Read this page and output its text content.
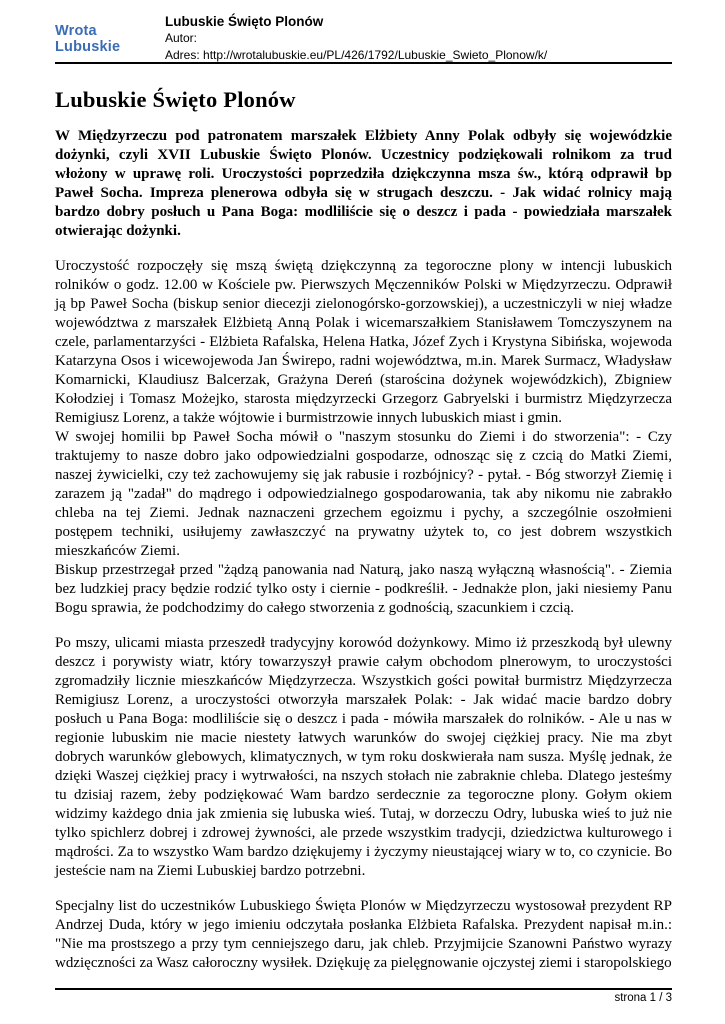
Wrota Lubuskie
Lubuskie Święto Plonów
Autor:
Adres: http://wrotalubuskie.eu/PL/426/1792/Lubuskie_Swieto_Plonow/k/
Lubuskie Święto Plonów

W Międzyrzeczu pod patronatem marszałek Elżbiety Anny Polak odbyły się wojewódzkie dożynki, czyli XVII Lubuskie Święto Plonów. Uczestnicy podziękowali rolnikom za trud włożony w uprawę roli. Uroczystości poprzedziła dziękczynna msza św., którą odprawił bp Paweł Socha. Impreza plenerowa odbyła się w strugach deszczu. - Jak widać rolnicy mają bardzo dobry posłuch u Pana Boga: modliliście się o deszcz i pada - powiedziała marszałek otwierając dożynki.

Uroczystość rozpoczęły się mszą świętą dziękczynną za tegoroczne plony w intencji lubuskich rolników o godz. 12.00 w Kościele pw. Pierwszych Męczenników Polski w Międzyrzeczu. Odprawił ją bp Paweł Socha (biskup senior diecezji zielonogórsko-gorzowskiej), a uczestniczyli w niej władze województwa z marszałek Elżbietą Anną Polak i wicemarszałkiem Stanisławem Tomczyszynem na czele, parlamentarzyści - Elżbieta Rafalska, Helena Hatka, Józef Zych i Krystyna Sibińska, wojewoda Katarzyna Osos i wicewojewoda Jan Świrepo, radni województwa, m.in. Marek Surmacz, Władysław Komarnicki, Klaudiusz Balcerzak, Grażyna Dereń (starościna dożynek wojewódzkich), Zbigniew Kołodziej i Tomasz Możejko, starosta międzyrzecki Grzegorz Gabryelski i burmistrz Międzyrzecza Remigiusz Lorenz, a także wójtowie i burmistrzowie innych lubuskich miast i gmin.

W swojej homilii bp Paweł Socha mówił o "naszym stosunku do Ziemi i do stworzenia": - Czy traktujemy to nasze dobro jako odpowiedzialni gospodarze, odnosząc się z czcią do Matki Ziemi, naszej żywicielki, czy też zachowujemy się jak rabusie i rozbójnicy? - pytał. - Bóg stworzył Ziemię i zarazem ją "zadał" do mądrego i odpowiedzialnego gospodarowania, tak aby nikomu nie zabrakło chleba na tej Ziemi. Jednak naznaczeni grzechem egoizmu i pychy, a szczególnie oszołmieni postępem techniki, usiłujemy zawłaszczyć na prywatny użytek to, co jest dobrem wszystkich mieszkańców Ziemi.

Biskup przestrzegał przed "żądzą panowania nad Naturą, jako naszą wyłączną własnością". - Ziemia bez ludzkiej pracy będzie rodzić tylko osty i ciernie - podkreślił. - Jednakże plon, jaki niesiemy Panu Bogu sprawia, że podchodzimy do całego stworzenia z godnością, szacunkiem i czcią.

Po mszy, ulicami miasta przeszedł tradycyjny korowód dożynkowy. Mimo iż przeszkodą był ulewny deszcz i porywisty wiatr, który towarzyszył prawie całym obchodom plnerowym, to uroczystości zgromadziły licznie mieszkańców Międzyrzecza. Wszystkich gości powitał burmistrz Międzyrzecza Remigiusz Lorenz, a uroczystości otworzyła marszałek Polak: - Jak widać macie bardzo dobry posłuch u Pana Boga: modliliście się o deszcz i pada - mówiła marszałek do rolników. - Ale u nas w regionie lubuskim nie macie niestety łatwych warunków do swojej ciężkiej pracy. Nie ma zbyt dobrych warunków glebowych, klimatycznych, w tym roku doskwierała nam susza. Myślę jednak, że dzięki Waszej ciężkiej pracy i wytrwałości, na nszych stołach nie zabraknie chleba. Dlatego jesteśmy tu dzisiaj razem, żeby podziękować Wam bardzo serdecznie za tegoroczne plony. Gołym okiem widzimy każdego dnia jak zmienia się lubuska wieś. Tutaj, w dorzeczu Odry, lubuska wieś to już nie tylko spichlerz dobrej i zdrowej żywności, ale przede wszystkim tradycji, dziedzictwa kulturowego i mądrości. Za to wszystko Wam bardzo dziękujemy i życzymy nieustającej wiary w to, co czynicie. Bo jesteście nam na Ziemi Lubuskiej bardzo potrzebni.

Specjalny list do uczestników Lubuskiego Święta Plonów w Międzyrzeczu wystosował prezydent RP Andrzej Duda, który w jego imieniu odczytała posłanka Elżbieta Rafalska. Prezydent napisał m.in.: "Nie ma prostszego a przy tym cenniejszego daru, jak chleb. Przyjmijcie Szanowni Państwo wyrazy wdzięczności za Wasz całoroczny wysiłek. Dziękuję za pielęgnowanie ojczystej ziemi i staropolskiego

strona 1 / 3
